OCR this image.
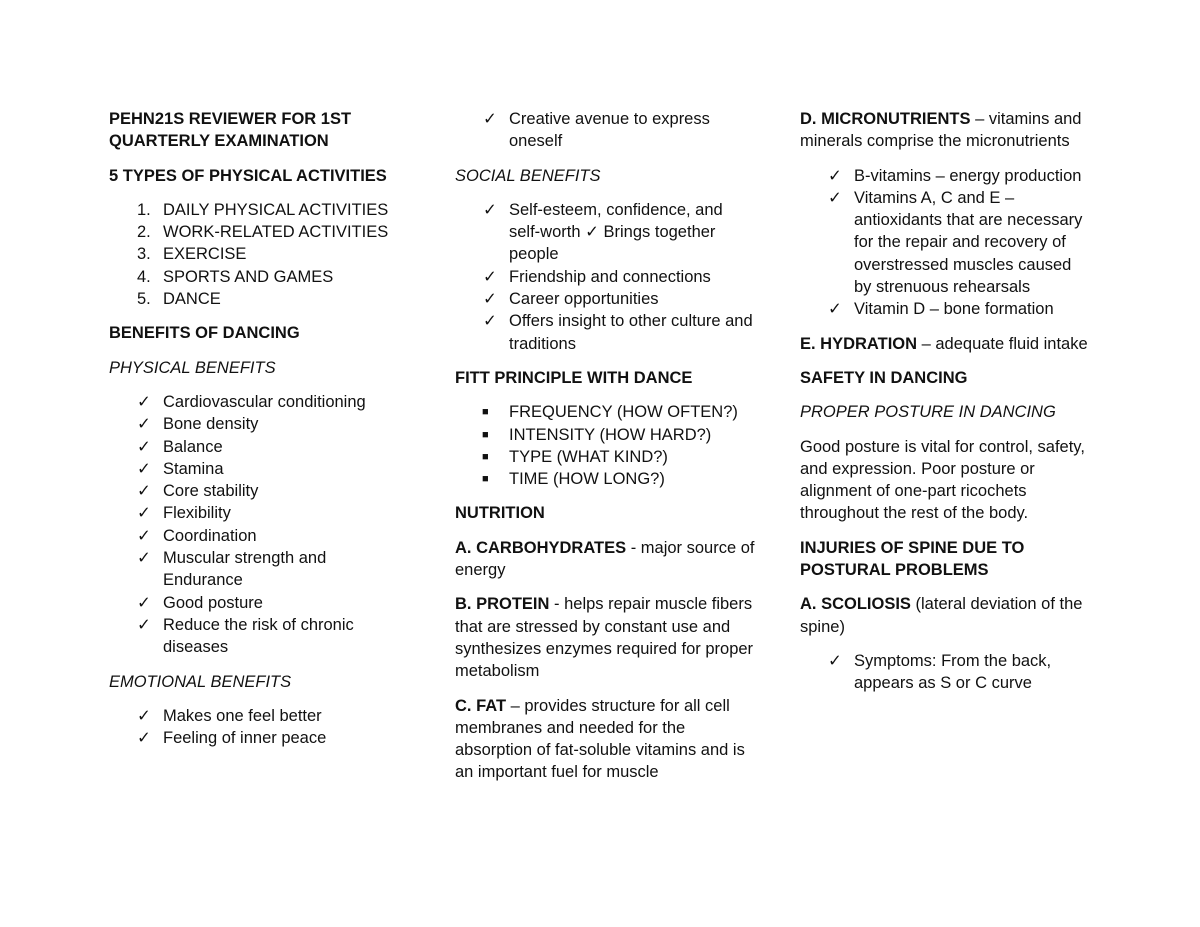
PEHN21S REVIEWER FOR 1ST QUARTERLY EXAMINATION
5 TYPES OF PHYSICAL ACTIVITIES
1. DAILY PHYSICAL ACTIVITIES
2. WORK-RELATED ACTIVITIES
3. EXERCISE
4. SPORTS AND GAMES
5. DANCE
BENEFITS OF DANCING
PHYSICAL BENEFITS
✓ Cardiovascular conditioning
✓ Bone density
✓ Balance
✓ Stamina
✓ Core stability
✓ Flexibility
✓ Coordination
✓ Muscular strength and Endurance
✓ Good posture
✓ Reduce the risk of chronic diseases
EMOTIONAL BENEFITS
✓ Makes one feel better
✓ Feeling of inner peace
✓ Creative avenue to express oneself
SOCIAL BENEFITS
✓ Self-esteem, confidence, and self-worth ✓ Brings together people
✓ Friendship and connections
✓ Career opportunities
✓ Offers insight to other culture and traditions
FITT PRINCIPLE WITH DANCE
■	FREQUENCY (HOW OFTEN?)
■	INTENSITY (HOW HARD?)
■	TYPE (WHAT KIND?)
■	TIME (HOW LONG?)
NUTRITION
A. CARBOHYDRATES - major source of energy
B. PROTEIN - helps repair muscle fibers that are stressed by constant use and synthesizes enzymes required for proper metabolism
C. FAT – provides structure for all cell membranes and needed for the absorption of fat-soluble vitamins and is an important fuel for muscle
D. MICRONUTRIENTS – vitamins and minerals comprise the micronutrients
✓ B-vitamins – energy production
✓ Vitamins A, C and E – antioxidants that are necessary for the repair and recovery of overstressed muscles caused by strenuous rehearsals
✓ Vitamin D – bone formation
E. HYDRATION – adequate fluid intake
SAFETY IN DANCING
PROPER POSTURE IN DANCING
Good posture is vital for control, safety, and expression. Poor posture or alignment of one-part ricochets throughout the rest of the body.
INJURIES OF SPINE DUE TO POSTURAL PROBLEMS
A. SCOLIOSIS (lateral deviation of the spine)
✓ Symptoms: From the back, appears as S or C curve
